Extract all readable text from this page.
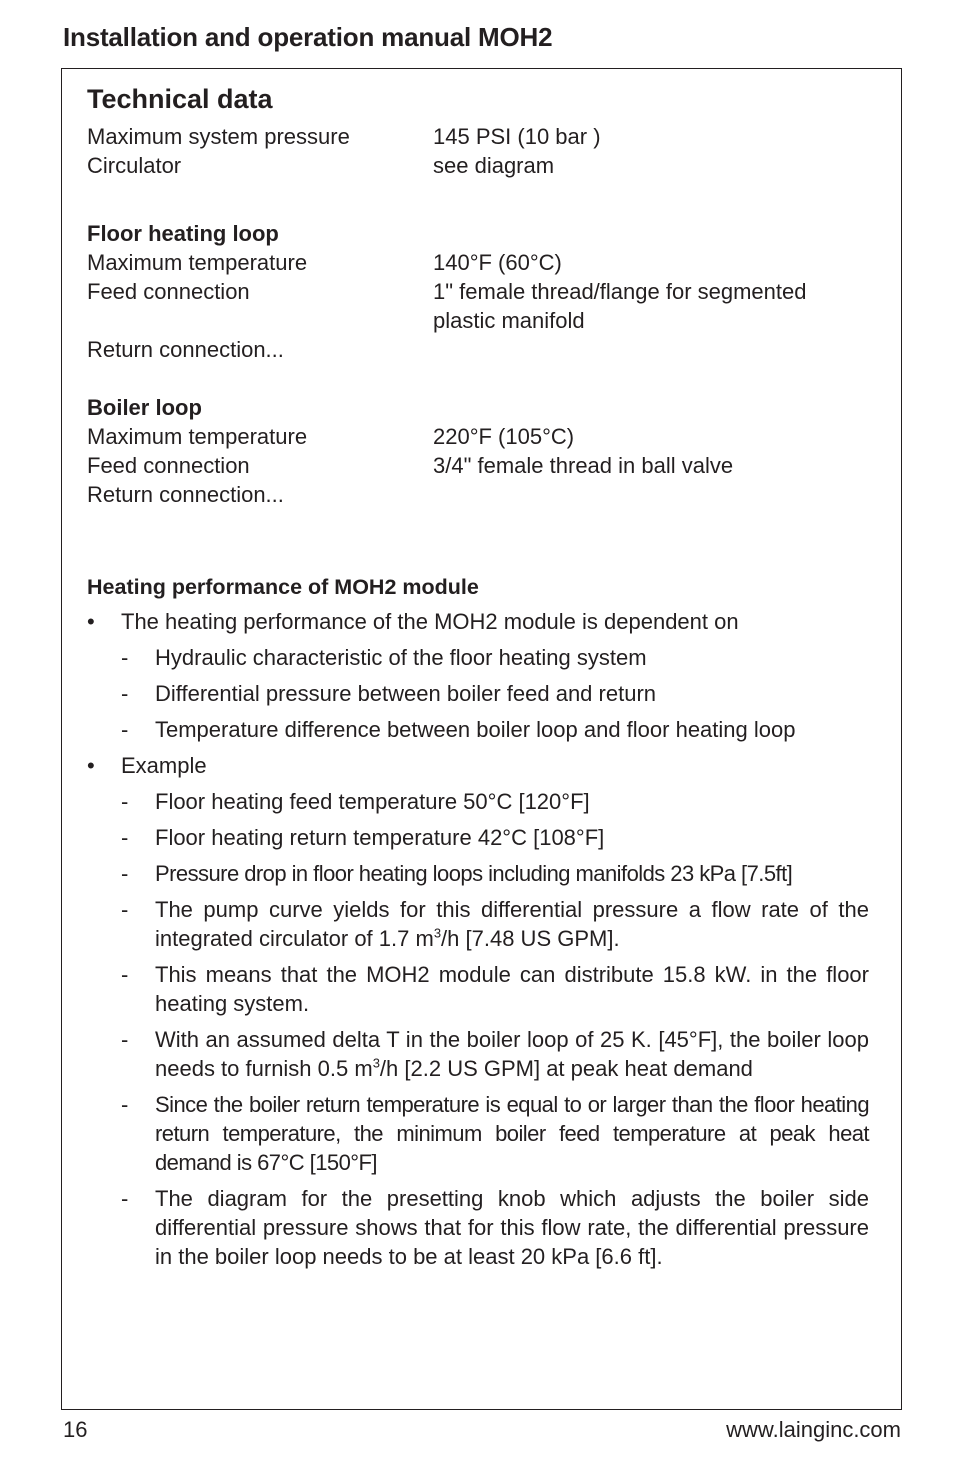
Installation and operation manual MOH2
Technical data
Maximum system pressure	145 PSI (10 bar )
Circulator	see diagram
Floor heating loop
Maximum temperature	140°F (60°C)
Feed connection	1" female thread/flange for segmented plastic manifold
Return connection...
Boiler loop
Maximum temperature	220°F (105°C)
Feed connection	3/4" female thread in ball valve
Return connection...
Heating performance of MOH2 module
•	The heating performance of the MOH2 module is dependent on
-	Hydraulic characteristic of the floor heating system
-	Differential pressure between boiler feed and return
-	Temperature difference between boiler loop and floor heating loop
•	Example
-	Floor heating feed temperature 50°C [120°F]
-	Floor heating return temperature 42°C [108°F]
-	Pressure drop in floor heating loops including manifolds 23 kPa [7.5ft]
-	The pump curve yields for this differential pressure a flow rate of the integrated circulator of 1.7 $m^3/h$ [7.48 US GPM].
-	This means that the MOH2 module can distribute 15.8 kW. in the floor heating system.
-	With an assumed delta T in the boiler loop of 25 K. [45°F], the boiler loop needs to furnish 0.5 $m^3/h$ [2.2 US GPM] at peak heat demand
-	Since the boiler return temperature is equal to or larger than the floor heating return temperature, the minimum boiler feed temperature at peak heat demand is 67°C [150°F]
-	The diagram for the presetting knob which adjusts the boiler side differential pressure shows that for this flow rate, the differential pressure in the boiler loop needs to be at least 20 kPa [6.6 ft].
16	www.lainginc.com
